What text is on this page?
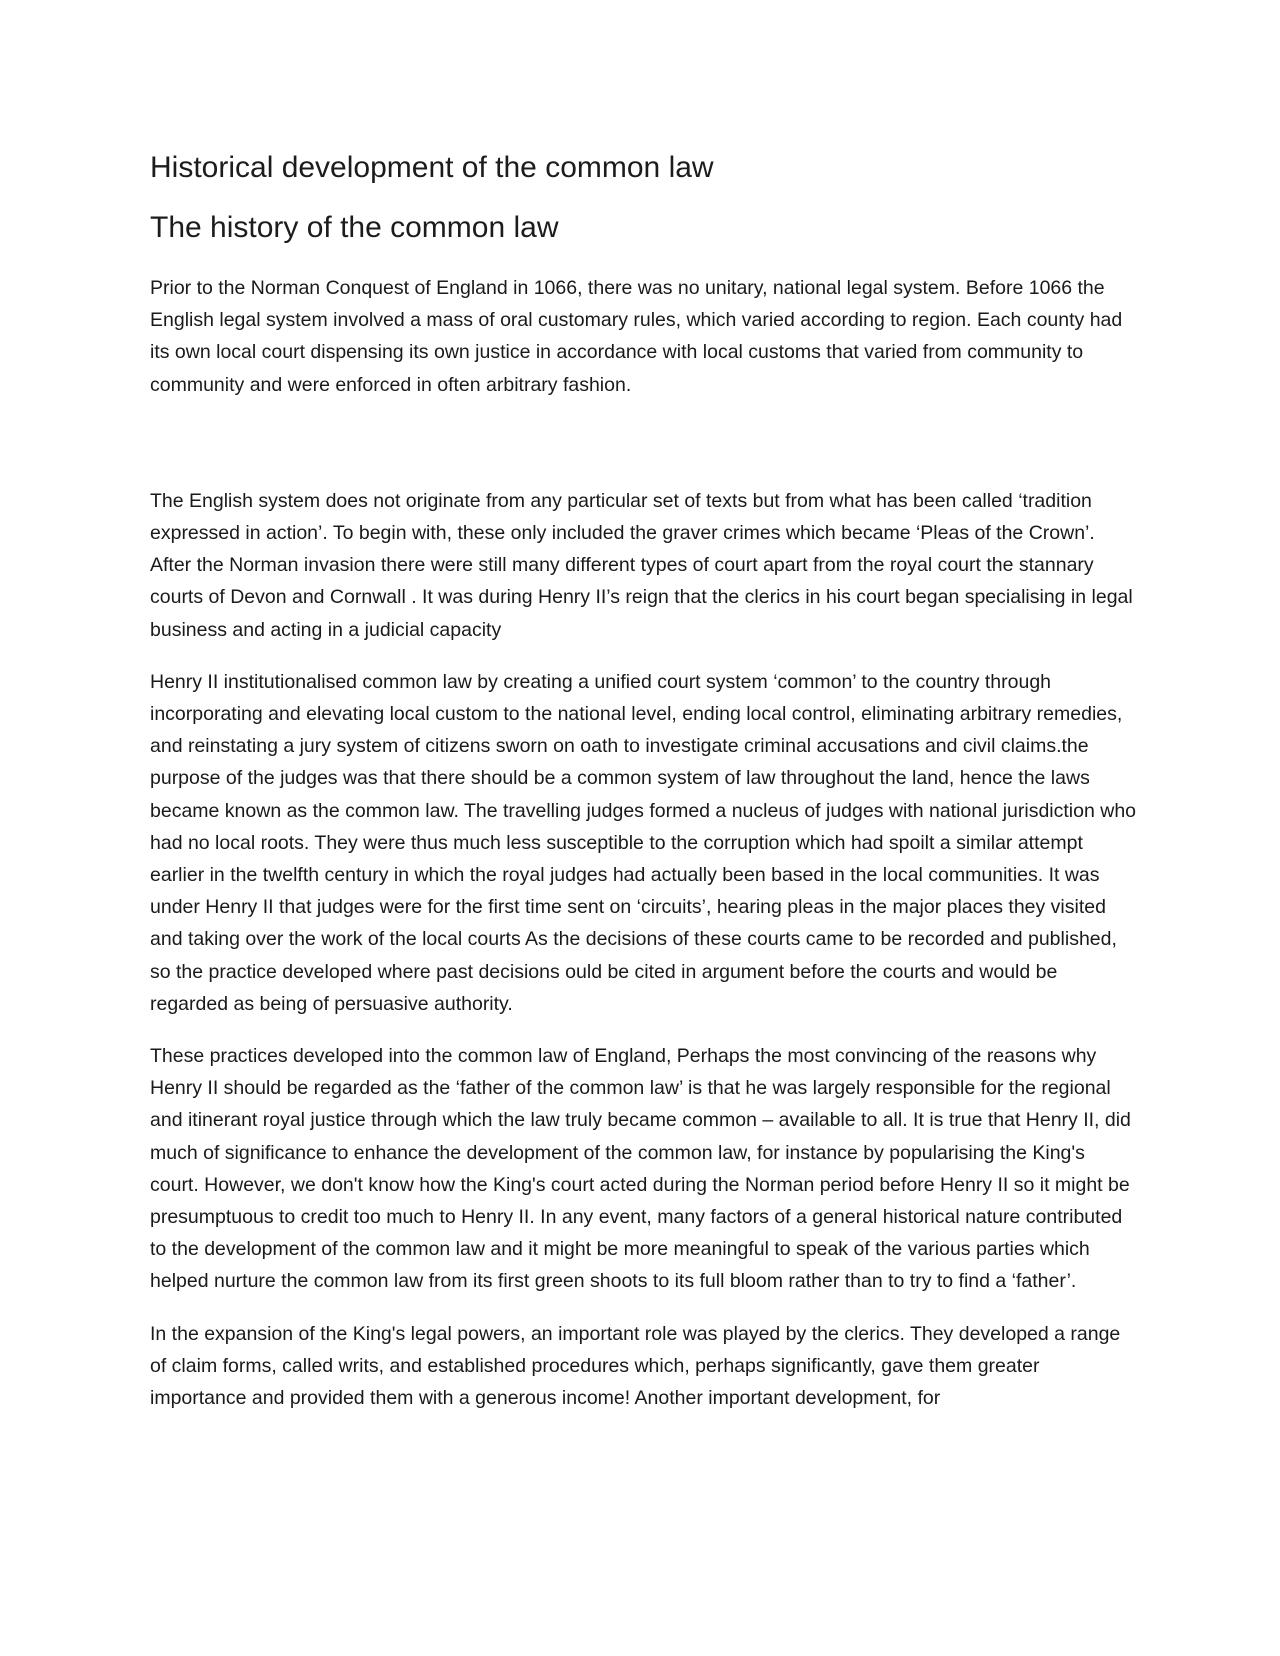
Historical development of the common law
The history of the common law

Prior to the Norman Conquest of England in 1066, there was no unitary, national legal system. Before 1066 the English legal system involved a mass of oral customary rules, which varied according to region. Each county had its own local court dispensing its own justice in accordance with local customs that varied from community to community and were enforced in often arbitrary fashion.

The English system does not originate from any particular set of texts but from what has been called ‘tradition expressed in action’. To begin with, these only included the graver crimes which became ‘Pleas of the Crown’. After the Norman invasion there were still many different types of court apart from the royal court the stannary courts of Devon and Cornwall . It was during Henry II’s reign that the clerics in his court began specialising in legal business and acting in a judicial capacity

Henry II institutionalised common law by creating a unified court system ‘common’ to the country through incorporating and elevating local custom to the national level, ending local control, eliminating arbitrary remedies, and reinstating a jury system of citizens sworn on oath to investigate criminal accusations and civil claims.the purpose of the judges was that there should be a common system of law throughout the land, hence the laws became known as the common law. The travelling judges formed a nucleus of judges with national jurisdiction who had no local roots. They were thus much less susceptible to the corruption which had spoilt a similar attempt earlier in the twelfth century in which the royal judges had actually been based in the local communities. It was under Henry II that judges were for the first time sent on ‘circuits’, hearing pleas in the major places they visited and taking over the work of the local courts As the decisions of these courts came to be recorded and published, so the practice developed where past decisions ould be cited in argument before the courts and would be regarded as being of persuasive authority.

These practices developed into the common law of England, Perhaps the most convincing of the reasons why Henry II should be regarded as the ‘father of the common law’ is that he was largely responsible for the regional and itinerant royal justice through which the law truly became common – available to all. It is true that Henry II, did much of significance to enhance the development of the common law, for instance by popularising the King's court. However, we don't know how the King's court acted during the Norman period before Henry II so it might be presumptuous to credit too much to Henry II. In any event, many factors of a general historical nature contributed to the development of the common law and it might be more meaningful to speak of the various parties which helped nurture the common law from its first green shoots to its full bloom rather than to try to find a ‘father’.

In the expansion of the King's legal powers, an important role was played by the clerics. They developed a range of claim forms, called writs, and established procedures which, perhaps significantly, gave them greater importance and provided them with a generous income! Another important development, for
